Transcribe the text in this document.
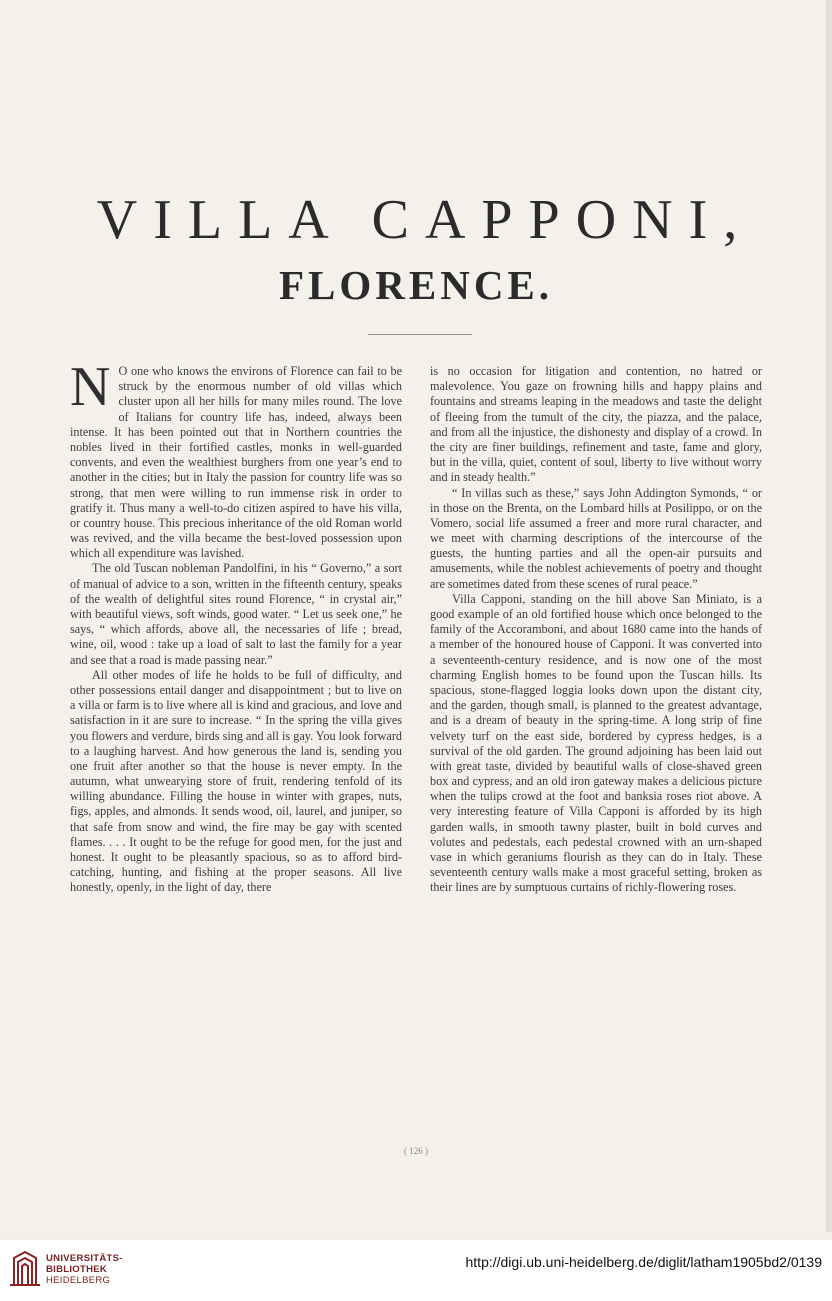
VILLA CAPPONI,
FLORENCE.

N O one who knows the environs of Florence can fail to be struck by the enormous number of old villas which cluster upon all her hills for many miles round. The love of Italians for country life has, indeed, always been intense. It has been pointed out that in Northern countries the nobles lived in their fortified castles, monks in well-guarded convents, and even the wealthiest burghers from one year’s end to another in the cities; but in Italy the passion for country life was so strong, that men were willing to run immense risk in order to gratify it. Thus many a well-to-do citizen aspired to have his villa, or country house. This precious inheritance of the old Roman world was revived, and the villa became the best-loved possession upon which all expenditure was lavished.

The old Tuscan nobleman Pandolfini, in his “ Governo,” a sort of manual of advice to a son, written in the fifteenth century, speaks of the wealth of delightful sites round Florence, “ in crystal air,” with beautiful views, soft winds, good water. “ Let us seek one,” he says, “ which affords, above all, the necessaries of life ; bread, wine, oil, wood : take up a load of salt to last the family for a year and see that a road is made passing near.”

All other modes of life he holds to be full of difficulty, and other possessions entail danger and disappointment ; but to live on a villa or farm is to live where all is kind and gracious, and love and satisfaction in it are sure to increase. “ In the spring the villa gives you flowers and verdure, birds sing and all is gay. You look forward to a laughing harvest. And how generous the land is, sending you one fruit after another so that the house is never empty. In the autumn, what unwearying store of fruit, rendering tenfold of its willing abundance. Filling the house in winter with grapes, nuts, figs, apples, and almonds. It sends wood, oil, laurel, and juniper, so that safe from snow and wind, the fire may be gay with scented flames. . . . It ought to be the refuge for good men, for the just and honest. It ought to be pleasantly spacious, so as to afford bird-catching, hunting, and fishing at the proper seasons. All live honestly, openly, in the light of day, there

is no occasion for litigation and contention, no hatred or malevolence. You gaze on frowning hills and happy plains and fountains and streams leaping in the meadows and taste the delight of fleeing from the tumult of the city, the piazza, and the palace, and from all the injustice, the dishonesty and display of a crowd. In the city are finer buildings, refinement and taste, fame and glory, but in the villa, quiet, content of soul, liberty to live without worry and in steady health.”

“ In villas such as these,” says John Addington Symonds, “ or in those on the Brenta, on the Lombard hills at Posilippo, or on the Vomero, social life assumed a freer and more rural character, and we meet with charming descriptions of the intercourse of the guests, the hunting parties and all the open-air pursuits and amusements, while the noblest achievements of poetry and thought are sometimes dated from these scenes of rural peace.”

Villa Capponi, standing on the hill above San Miniato, is a good example of an old fortified house which once belonged to the family of the Accoramboni, and about 1680 came into the hands of a member of the honoured house of Capponi. It was converted into a seventeenth-century residence, and is now one of the most charming English homes to be found upon the Tuscan hills. Its spacious, stone-flagged loggia looks down upon the distant city, and the garden, though small, is planned to the greatest advantage, and is a dream of beauty in the spring-time. A long strip of fine velvety turf on the east side, bordered by cypress hedges, is a survival of the old garden. The ground adjoining has been laid out with great taste, divided by beautiful walls of close-shaved green box and cypress, and an old iron gateway makes a delicious picture when the tulips crowd at the foot and banksia roses riot above. A very interesting feature of Villa Capponi is afforded by its high garden walls, in smooth tawny plaster, built in bold curves and volutes and pedestals, each pedestal crowned with an urn-shaped vase in which geraniums flourish as they can do in Italy. These seventeenth century walls make a most graceful setting, broken as their lines are by sumptuous curtains of richly-flowering roses.

( 126 )
UNIVERSITÄTS-
BIBLIOTHEK
HEIDELBERG
http://digi.ub.uni-heidelberg.de/diglit/latham1905bd2/0139
